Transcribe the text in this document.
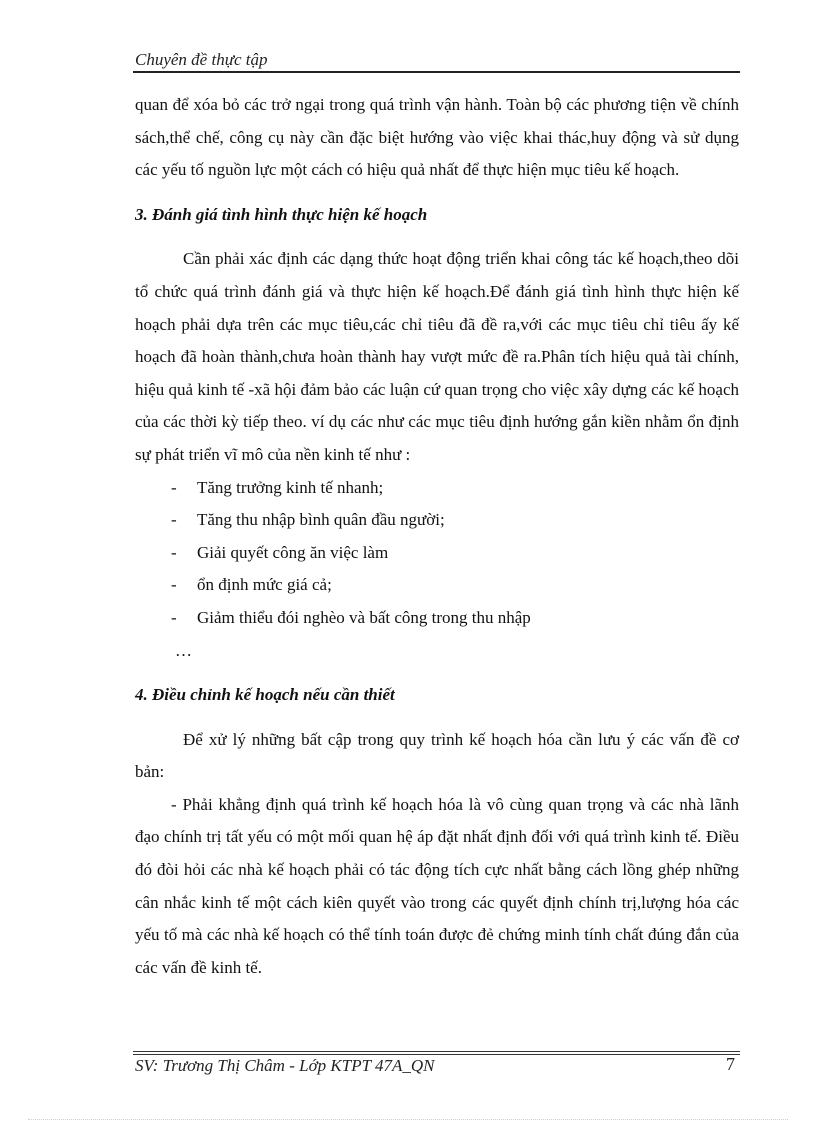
Chuyên đề thực tập

quan để xóa bỏ các trở ngại trong quá trình vận hành. Toàn bộ các phương tiện về chính sách,thể chế, công cụ này cần đặc biệt hướng vào việc khai thác,huy động và sử dụng các yếu tố nguồn lực một cách có hiệu quả nhất để thực hiện mục tiêu kế hoạch.

3. Đánh giá tình hình thực hiện kế hoạch

Cần phải xác định các dạng thức hoạt động triển khai công tác kế hoạch,theo dõi tổ chức quá trình đánh giá và thực hiện kế hoạch.Để đánh giá tình hình thực hiện kế hoạch phải dựa trên các mục tiêu,các chỉ tiêu đã đề ra,với các mục tiêu chỉ tiêu ấy kế hoạch đã hoàn thành,chưa hoàn thành hay vượt mức đề ra.Phân tích hiệu quả tài chính, hiệu quả kinh tế -xã hội đảm bảo các luận cứ quan trọng cho việc xây dựng các kế hoạch của các thời kỳ tiếp theo. ví dụ các như các mục tiêu định hướng gắn kiền nhằm ổn định sự phát triển vĩ mô của nền kinh tế như :

- Tăng trưởng kinh tế nhanh;
- Tăng thu nhập bình quân đầu người;
- Giải quyết công ăn việc làm
- ổn định mức giá cả;
- Giảm thiểu đói nghèo và bất công trong thu nhập
…
4. Điều chỉnh kế hoạch nếu cần thiết

Để xử lý những bất cập trong quy trình kế hoạch hóa cần lưu ý các vấn đề cơ bản:

- Phải khẳng định quá trình kế hoạch hóa là vô cùng quan trọng và các nhà lãnh đạo chính trị tất yếu có một mối quan hệ áp đặt nhất định đối với quá trình kinh tế. Điều đó đòi hỏi các nhà kế hoạch phải có tác động tích cực nhất bằng cách lồng ghép những cân nhắc kinh tế một cách kiên quyết vào trong các quyết định chính trị,lượng hóa các yếu tố mà các nhà kế hoạch có thể tính toán được đẻ chứng minh tính chất đúng đắn của các vấn đề kinh tế.

SV: Trương Thị Châm - Lớp KTPT 47A_QN	7
